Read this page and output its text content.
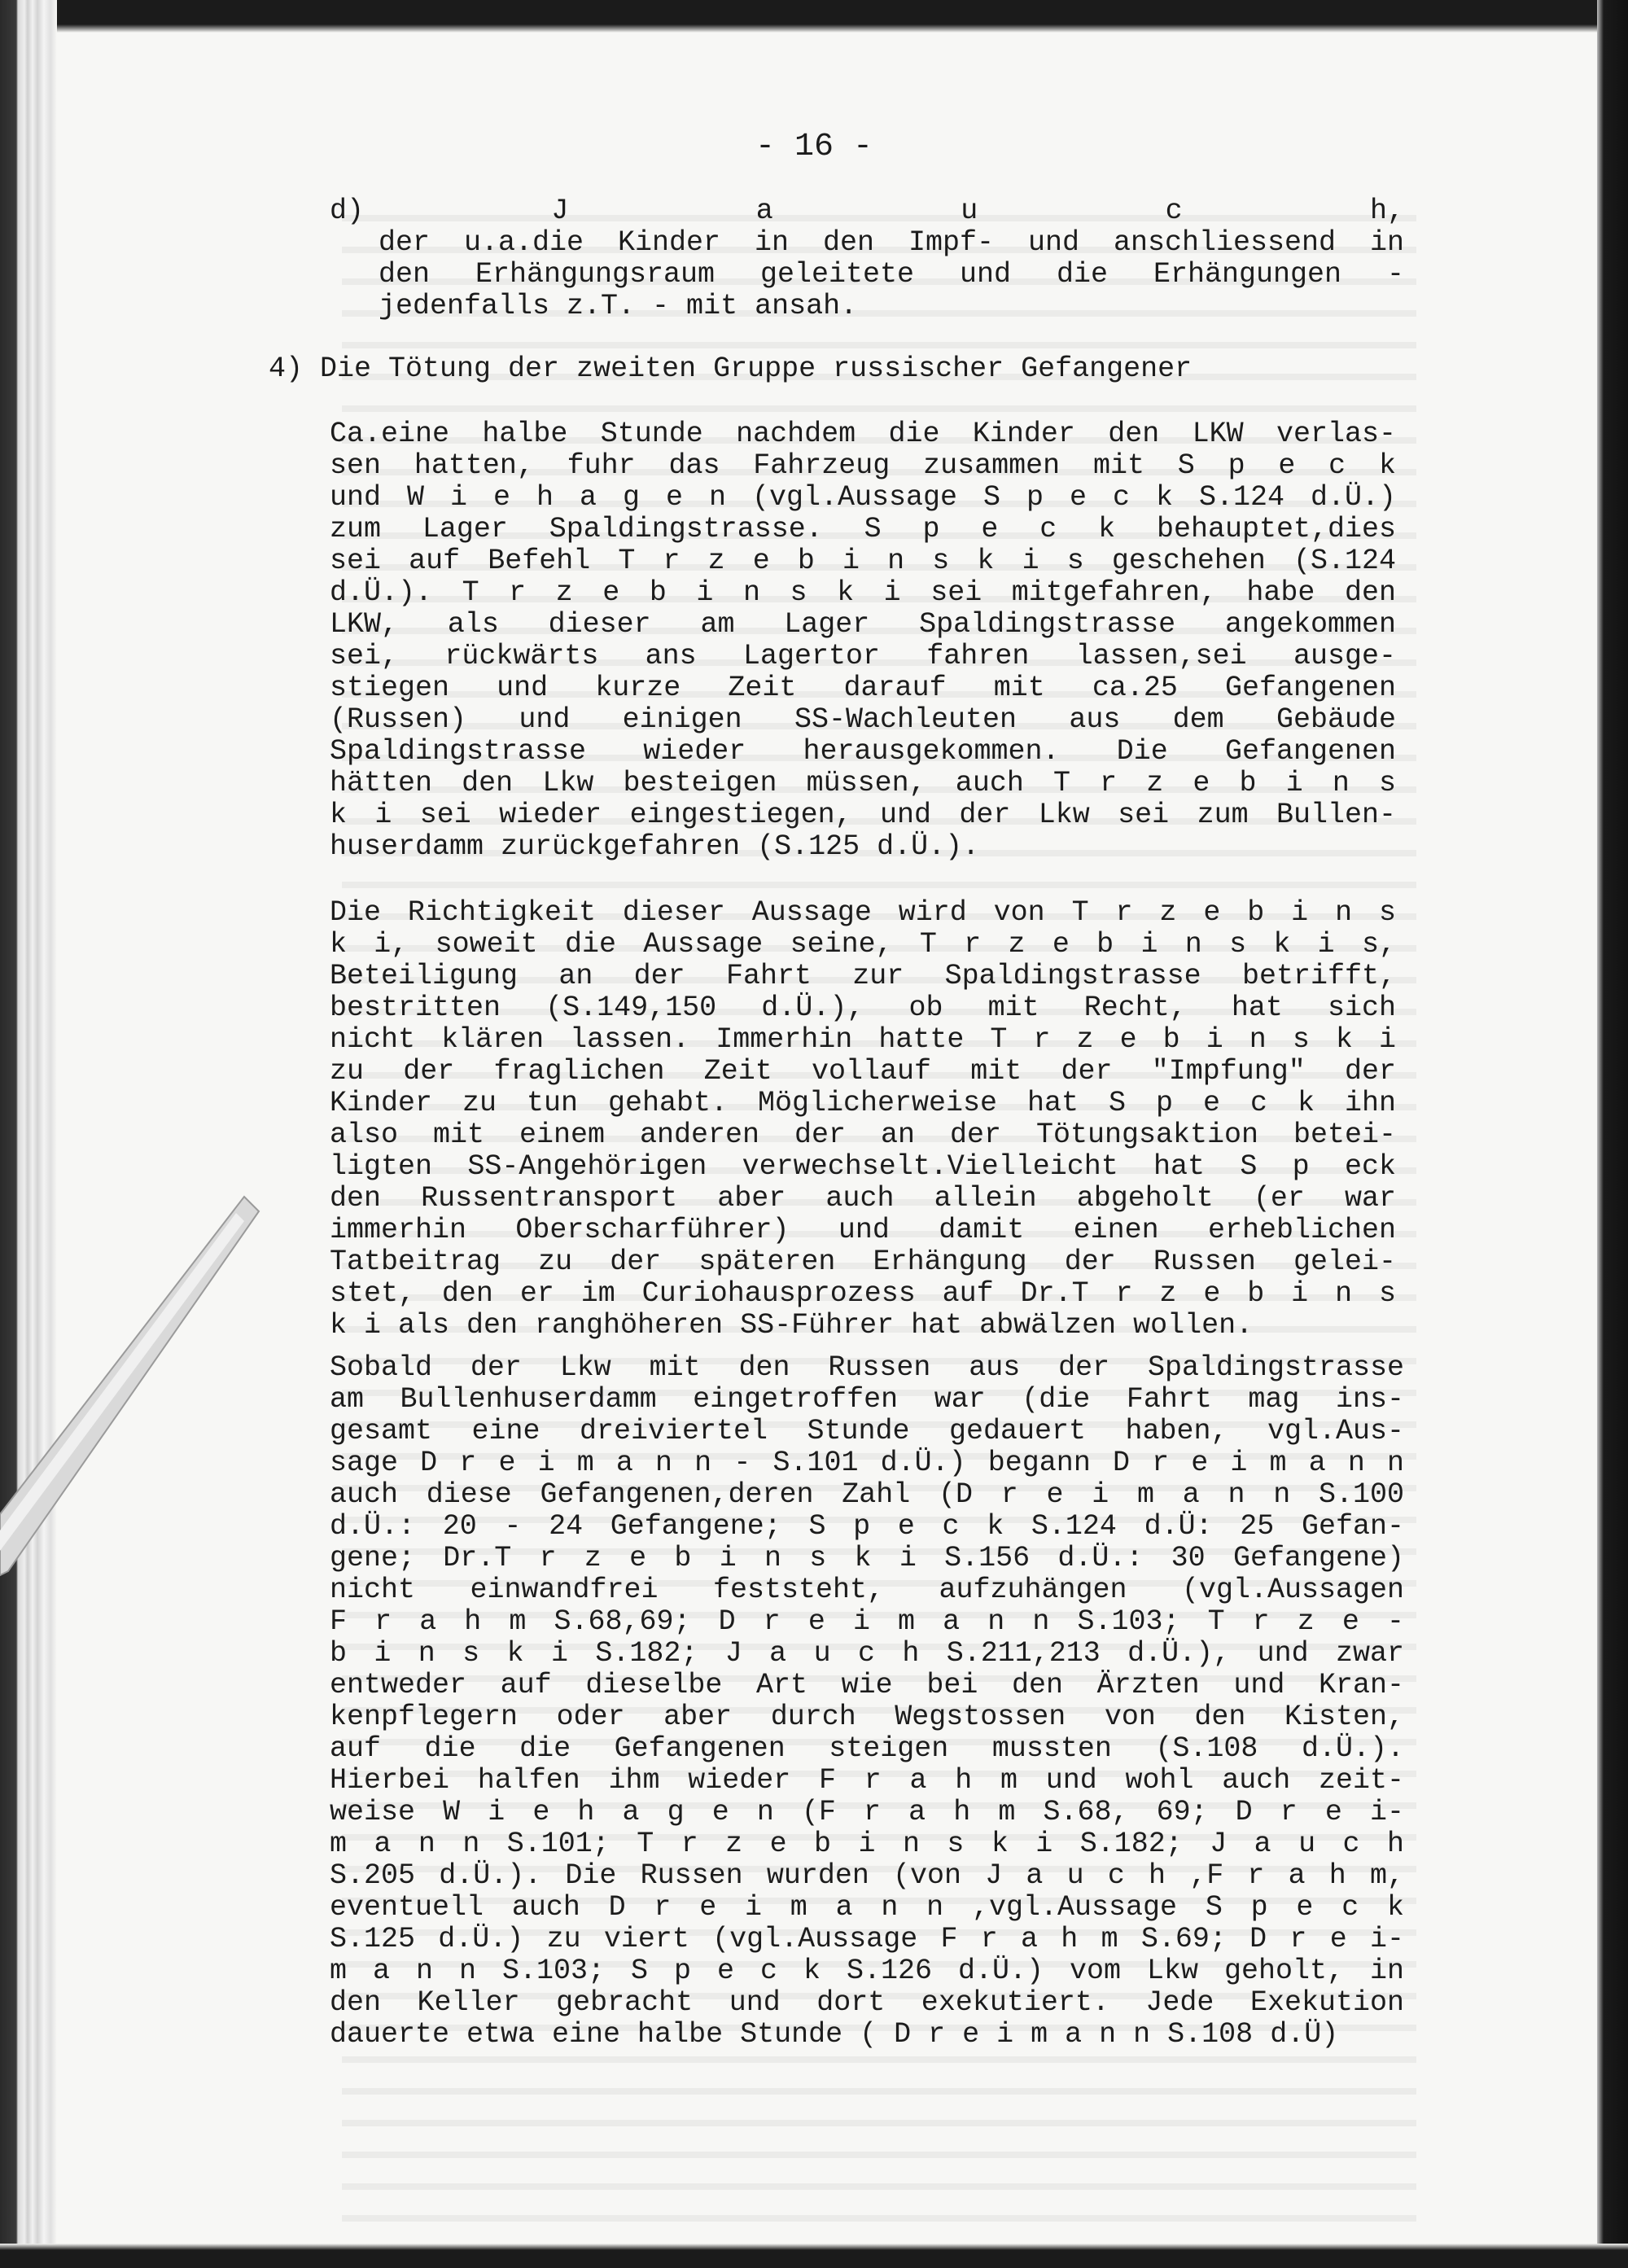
- 16 -
d) J a u c h,
der u.a.die Kinder in den Impf- und anschliessend in
den Erhängungsraum geleitete und die Erhängungen -
jedenfalls z.T. - mit ansah.
4) Die Tötung der zweiten Gruppe russischer Gefangener
Ca.eine halbe Stunde nachdem die Kinder den LKW verlas-
sen hatten, fuhr das Fahrzeug zusammen mit S p e c k
und W i e h a g e n (vgl.Aussage S p e c k S.124 d.Ü.)
zum Lager Spaldingstrasse. S p e c k behauptet,dies
sei auf Befehl T r z e b i n s k i s geschehen (S.124
d.Ü.). T r z e b i n s k i sei mitgefahren, habe den
LKW, als dieser am Lager Spaldingstrasse angekommen
sei, rückwärts ans Lagertor fahren lassen,sei ausge-
stiegen und kurze Zeit darauf mit ca.25 Gefangenen
(Russen) und einigen SS-Wachleuten aus dem Gebäude
Spaldingstrasse wieder herausgekommen. Die Gefangenen
hätten den Lkw besteigen müssen, auch T r z e b i n s
k i sei wieder eingestiegen, und der Lkw sei zum Bullen-
huserdamm zurückgefahren (S.125 d.Ü.).
Die Richtigkeit dieser Aussage wird von T r z e b i n s
k i, soweit die Aussage seine, T r z e b i n s k i s,
Beteiligung an der Fahrt zur Spaldingstrasse betrifft,
bestritten (S.149,150 d.Ü.), ob mit Recht, hat sich
nicht klären lassen. Immerhin hatte T r z e b i n s k i
zu der fraglichen Zeit vollauf mit der "Impfung" der
Kinder zu tun gehabt. Möglicherweise hat S p e c k ihn
also mit einem anderen der an der Tötungsaktion betei-
ligten SS-Angehörigen verwechselt.Vielleicht hat S p eck
den Russentransport aber auch allein abgeholt (er war
immerhin Oberscharführer) und damit einen erheblichen
Tatbeitrag zu der späteren Erhängung der Russen gelei-
stet, den er im Curiohausprozess auf Dr.T r z e b i n s
k i als den ranghöheren SS-Führer hat abwälzen wollen.
Sobald der Lkw mit den Russen aus der Spaldingstrasse
am Bullenhuserdamm eingetroffen war (die Fahrt mag ins-
gesamt eine dreiviertel Stunde gedauert haben, vgl.Aus-
sage D r e i m a n n - S.101 d.Ü.) begann D r e i m a n n
auch diese Gefangenen,deren Zahl (D r e i m a n n S.100
d.Ü.: 20 - 24 Gefangene; S p e c k S.124 d.Ü: 25 Gefan-
gene; Dr.T r z e b i n s k i S.156 d.Ü.: 30 Gefangene)
nicht einwandfrei feststeht, aufzuhängen (vgl.Aussagen
F r a h m S.68,69; D r e i m a n n S.103; T r z e -
b i n s k i S.182; J a u c h S.211,213 d.Ü.), und zwar
entweder auf dieselbe Art wie bei den Ärzten und Kran-
kenpflegern oder aber durch Wegstossen von den Kisten,
auf die die Gefangenen steigen mussten (S.108 d.Ü.).
Hierbei halfen ihm wieder F r a h m und wohl auch zeit-
weise W i e h a g e n (F r a h m S.68, 69; D r e i-
m a n n S.101; T r z e b i n s k i S.182; J a u c h
S.205 d.Ü.). Die Russen wurden (von J a u c h ,F r a h m,
eventuell auch D r e i m a n n ,vgl.Aussage S p e c k
S.125 d.Ü.) zu viert (vgl.Aussage F r a h m S.69; D r e i-
m a n n S.103; S p e c k S.126 d.Ü.) vom Lkw geholt, in
den Keller gebracht und dort exekutiert. Jede Exekution
dauerte etwa eine halbe Stunde ( D r e i m a n n S.108 d.Ü)
